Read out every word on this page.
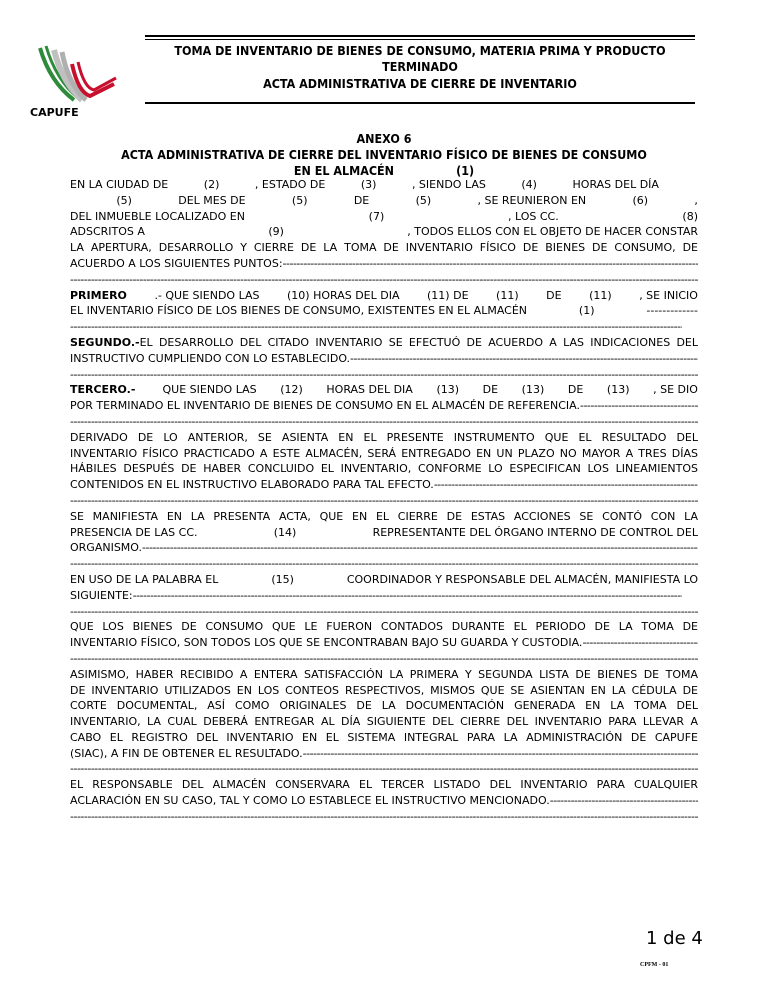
TOMA DE INVENTARIO DE BIENES DE CONSUMO, MATERIA PRIMA Y PRODUCTO
TERMINADO
ACTA ADMINISTRATIVA DE CIERRE DE INVENTARIO
CAPUFE
ANEXO 6
ACTA ADMINISTRATIVA DE CIERRE DEL INVENTARIO FÍSICO DE BIENES DE CONSUMO
EN EL ALMACÉN                (1)
EN LA CIUDAD DE	(2)	, ESTADO DE	(3)	, SIENDO LAS	(4)	HORAS DEL DÍA

(5)	DEL MES DE	(5)	DE	(5)	, SE REUNIERON EN	(6)	,
DEL INMUEBLE LOCALIZADO EN	(7)	, LOS CC.	(8)
ADSCRITOS A	(9)	, TODOS ELLOS CON EL OBJETO DE HACER CONSTAR
LA APERTURA, DESARROLLO Y CIERRE DE LA TOMA DE INVENTARIO FÍSICO DE BIENES DE CONSUMO, DE
ACUERDO A LOS SIGUIENTES PUNTOS:
-----
-----
PRIMERO	.- QUE SIENDO LAS	(10) HORAS DEL DIA	(11) DE	(11)	DE	(11)	, SE INICIO
EL INVENTARIO FÍSICO DE LOS BIENES DE CONSUMO, EXISTENTES EN EL ALMACÉN	(1)	-------------
-----
SEGUNDO.- EL DESARROLLO DEL CITADO INVENTARIO SE EFECTUÓ DE ACUERDO A LAS INDICACIONES DEL
INSTRUCTIVO CUMPLIENDO CON LO ESTABLECIDO.
-----
-----
TERCERO.- QUE SIENDO LAS (12) HORAS DEL DIA (13) DE (13) DE (13) , SE DIO
POR TERMINADO EL INVENTARIO DE BIENES DE CONSUMO EN EL ALMACÉN DE REFERENCIA.
-----
-----
DERIVADO DE LO ANTERIOR, SE ASIENTA EN EL PRESENTE INSTRUMENTO QUE EL RESULTADO DEL
INVENTARIO FÍSICO PRACTICADO A ESTE ALMACÉN, SERÁ ENTREGADO EN UN PLAZO NO MAYOR A TRES DÍAS
HÁBILES DESPUÉS DE HABER CONCLUIDO EL INVENTARIO, CONFORME LO ESPECIFICAN LOS LINEAMIENTOS
CONTENIDOS EN EL INSTRUCTIVO ELABORADO PARA TAL EFECTO.
-----
-----
SE MANIFIESTA EN LA PRESENTA ACTA, QUE EN EL CIERRE DE ESTAS ACCIONES SE CONTÓ CON LA
PRESENCIA DE LAS CC.	(14)	REPRESENTANTE DEL ÓRGANO INTERNO DE CONTROL DEL
ORGANISMO.
-----
-----
EN USO DE LA PALABRA EL	(15)	COORDINADOR Y RESPONSABLE DEL ALMACÉN, MANIFIESTA LO
SIGUIENTE:
-----
-----
QUE LOS BIENES DE CONSUMO QUE LE FUERON CONTADOS DURANTE EL PERIODO DE LA TOMA DE
INVENTARIO FÍSICO, SON TODOS LOS QUE SE ENCONTRABAN BAJO SU GUARDA Y CUSTODIA.
-----
-----
ASIMISMO, HABER RECIBIDO A ENTERA SATISFACCIÓN LA PRIMERA Y SEGUNDA LISTA DE BIENES DE TOMA
DE INVENTARIO UTILIZADOS EN LOS CONTEOS RESPECTIVOS, MISMOS QUE SE ASIENTAN EN LA CÉDULA DE
CORTE DOCUMENTAL, ASÍ COMO ORIGINALES DE LA DOCUMENTACIÓN GENERADA EN LA TOMA DEL
INVENTARIO, LA CUAL DEBERÁ ENTREGAR AL DÍA SIGUIENTE DEL CIERRE DEL INVENTARIO PARA LLEVAR A
CABO EL REGISTRO DEL INVENTARIO EN EL SISTEMA INTEGRAL PARA LA ADMINISTRACIÓN DE CAPUFE
(SIAC), A FIN DE OBTENER EL RESULTADO.
-----
-----
EL RESPONSABLE DEL ALMACÉN CONSERVARA EL TERCER LISTADO DEL INVENTARIO PARA CUALQUIER
ACLARACIÓN EN SU CASO, TAL Y COMO LO ESTABLECE EL INSTRUCTIVO MENCIONADO.
-----
-----
1 de 4
CPFM - 01
